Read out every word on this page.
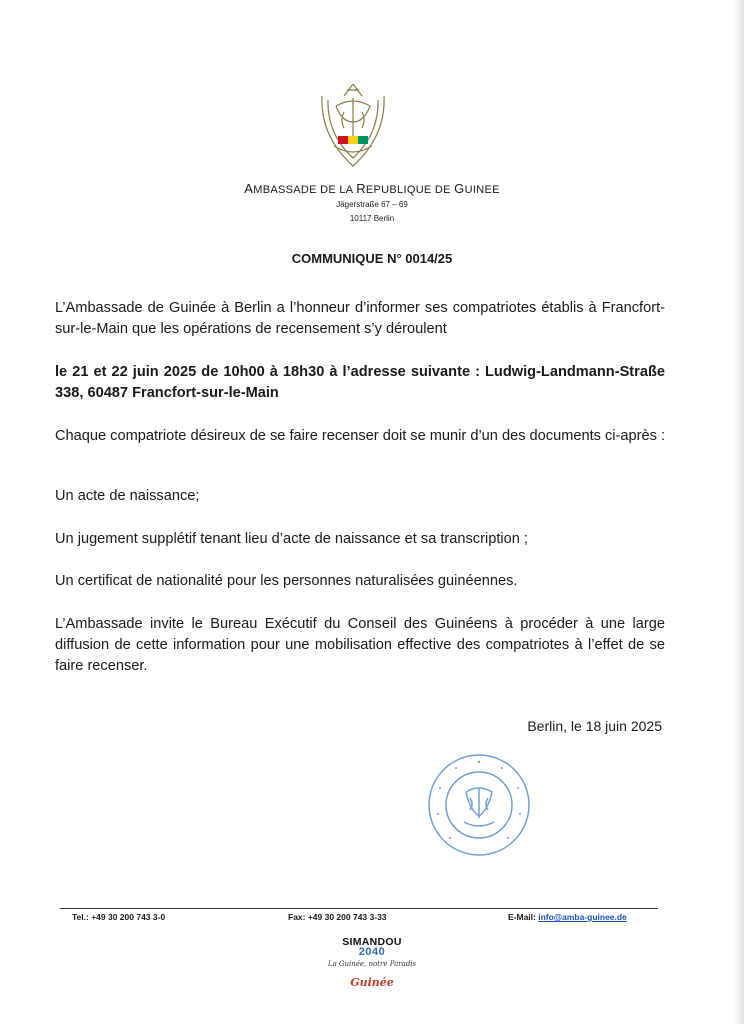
AMBASSADE DE LA REPUBLIQUE DE GUINEE
Jägerstraße 67 – 69
10117 Berlin
COMMUNIQUE N° 0014/25
L’Ambassade de Guinée à Berlin a l’honneur d’informer ses compatriotes établis à Francfort-sur-le-Main que les opérations de recensement s’y déroulent
le 21 et 22 juin 2025 de 10h00 à 18h30 à l’adresse suivante : Ludwig-Landmann-Straße 338, 60487 Francfort-sur-le-Main
Chaque compatriote désireux de se faire recenser doit se munir d’un des documents ci-après :
Un acte de naissance;
Un jugement supplétif tenant lieu d’acte de naissance et sa transcription ;
Un certificat de nationalité pour les personnes naturalisées guinéennes.
L’Ambassade invite le Bureau Exécutif du Conseil des Guinéens à procéder à une large diffusion de cette information pour une mobilisation effective des compatriotes à l’effet de se faire recenser.
Berlin, le 18 juin 2025
Tel.: +49 30 200 743 3-0	Fax: +49 30 200 743 3-33	E-Mail: info@amba-guinee.de
SIMANDOU
2040
La Guinée, notre Paradis
Guinée
